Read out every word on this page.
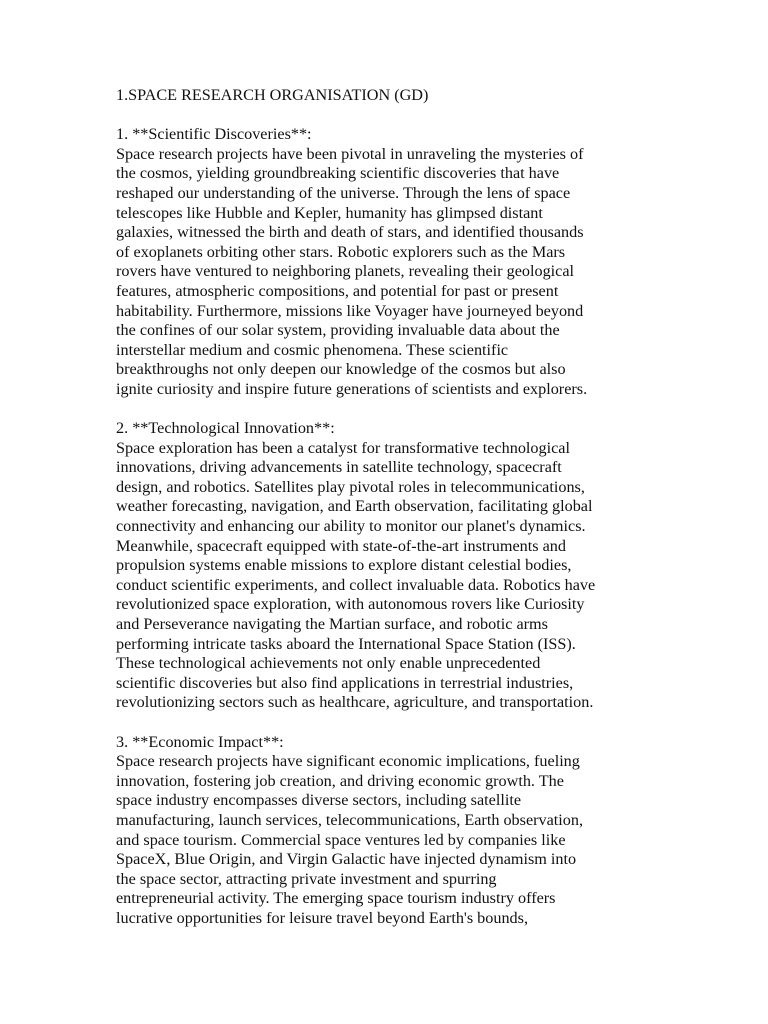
1.SPACE RESEARCH ORGANISATION (GD)

1. **Scientific Discoveries**:

Space research projects have been pivotal in unraveling the mysteries of

the cosmos, yielding groundbreaking scientific discoveries that have

reshaped our understanding of the universe. Through the lens of space

telescopes like Hubble and Kepler, humanity has glimpsed distant

galaxies, witnessed the birth and death of stars, and identified thousands

of exoplanets orbiting other stars. Robotic explorers such as the Mars

rovers have ventured to neighboring planets, revealing their geological

features, atmospheric compositions, and potential for past or present

habitability. Furthermore, missions like Voyager have journeyed beyond

the confines of our solar system, providing invaluable data about the

interstellar medium and cosmic phenomena. These scientific

breakthroughs not only deepen our knowledge of the cosmos but also

ignite curiosity and inspire future generations of scientists and explorers.

2. **Technological Innovation**:

Space exploration has been a catalyst for transformative technological

innovations, driving advancements in satellite technology, spacecraft

design, and robotics. Satellites play pivotal roles in telecommunications,

weather forecasting, navigation, and Earth observation, facilitating global

connectivity and enhancing our ability to monitor our planet's dynamics.

Meanwhile, spacecraft equipped with state-of-the-art instruments and

propulsion systems enable missions to explore distant celestial bodies,

conduct scientific experiments, and collect invaluable data. Robotics have

revolutionized space exploration, with autonomous rovers like Curiosity

and Perseverance navigating the Martian surface, and robotic arms

performing intricate tasks aboard the International Space Station (ISS).

These technological achievements not only enable unprecedented

scientific discoveries but also find applications in terrestrial industries,

revolutionizing sectors such as healthcare, agriculture, and transportation.

3. **Economic Impact**:

Space research projects have significant economic implications, fueling

innovation, fostering job creation, and driving economic growth. The

space industry encompasses diverse sectors, including satellite

manufacturing, launch services, telecommunications, Earth observation,

and space tourism. Commercial space ventures led by companies like

SpaceX, Blue Origin, and Virgin Galactic have injected dynamism into

the space sector, attracting private investment and spurring

entrepreneurial activity. The emerging space tourism industry offers

lucrative opportunities for leisure travel beyond Earth's bounds,
